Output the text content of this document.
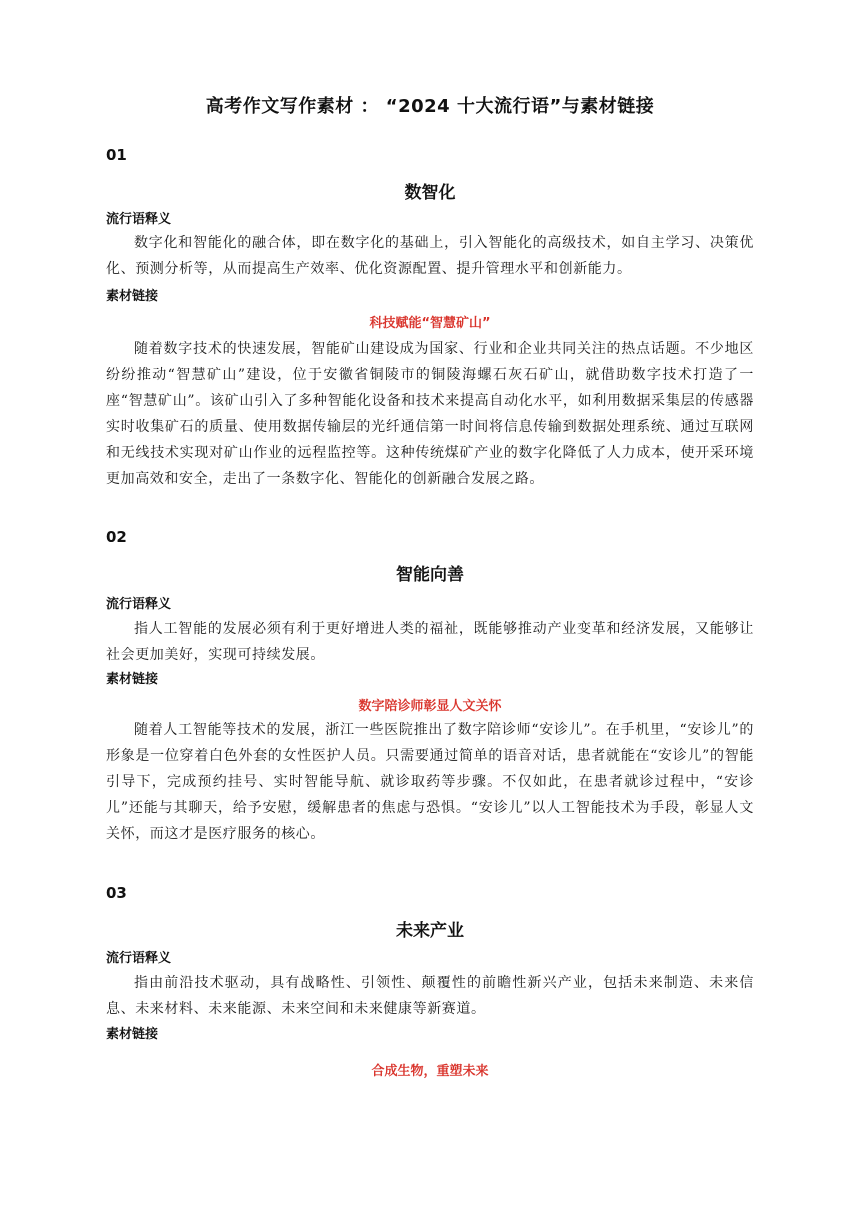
高考作文写作素材 ： “2024 十大流行语”与素材链接
01
数智化
流行语释义
数字化和智能化的融合体，即在数字化的基础上，引入智能化的高级技术，如自主学习、决策优化、预测分析等，从而提高生产效率、优化资源配置、提升管理水平和创新能力。
素材链接
科技赋能“智慧矿山”
随着数字技术的快速发展，智能矿山建设成为国家、行业和企业共同关注的热点话题。不少地区纷纷推动“智慧矿山”建设，位于安徽省铜陵市的铜陵海螺石灰石矿山，就借助数字技术打造了一座“智慧矿山”。该矿山引入了多种智能化设备和技术来提高自动化水平，如利用数据采集层的传感器实时收集矿石的质量、使用数据传输层的光纤通信第一时间将信息传输到数据处理系统、通过互联网和无线技术实现对矿山作业的远程监控等。这种传统煤矿产业的数字化降低了人力成本，使开采环境更加高效和安全，走出了一条数字化、智能化的创新融合发展之路。
02
智能向善
流行语释义
指人工智能的发展必须有利于更好增进人类的福祉，既能够推动产业变革和经济发展，又能够让社会更加美好，实现可持续发展。
素材链接
数字陪诊师彰显人文关怀
随着人工智能等技术的发展，浙江一些医院推出了数字陪诊师“安诊儿”。在手机里，“安诊儿”的形象是一位穿着白色外套的女性医护人员。只需要通过简单的语音对话，患者就能在“安诊儿”的智能引导下，完成预约挂号、实时智能导航、就诊取药等步骤。不仅如此，在患者就诊过程中，“安诊儿”还能与其聊天，给予安慰，缓解患者的焦虑与恐惧。“安诊儿”以人工智能技术为手段，彰显人文关怀，而这才是医疗服务的核心。
03
未来产业
流行语释义
指由前沿技术驱动，具有战略性、引领性、颠覆性的前瞻性新兴产业，包括未来制造、未来信息、未来材料、未来能源、未来空间和未来健康等新赛道。
素材链接
合成生物，重塑未来
